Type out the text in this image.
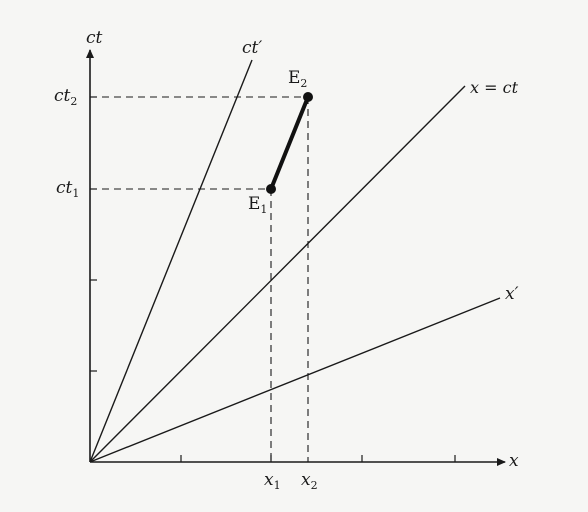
ct
x
ct′
x = ct
x′
$ct_2$
$ct_1$
$x_1$ $x_2$
$E_2$
$E_1$
